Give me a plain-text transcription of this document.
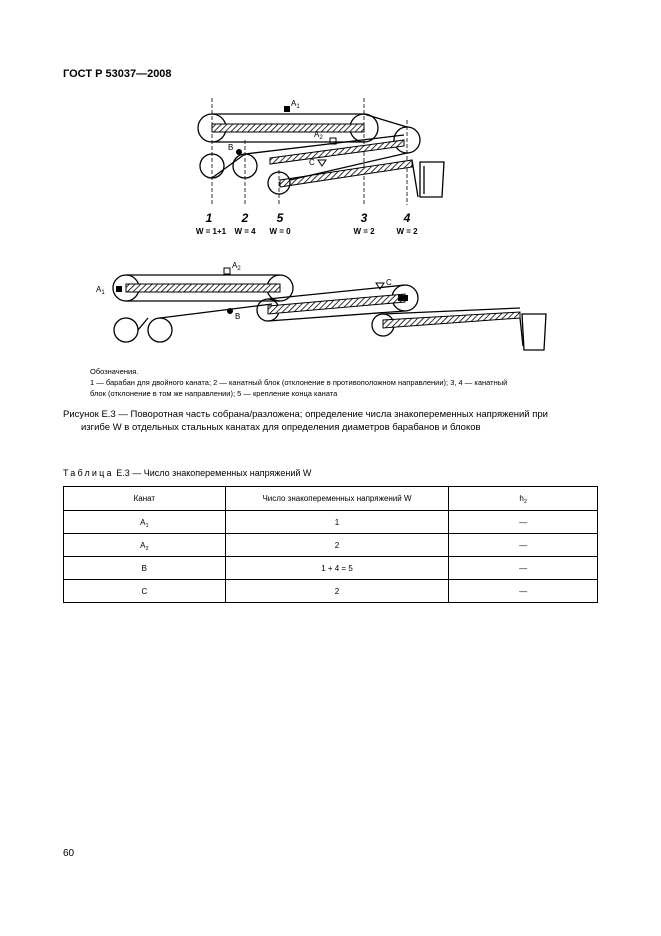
ГОСТ Р 53037—2008
$A_1$
$A_2$
B
C
1 2 5	3	4
W = 1+1 W = 4 W = 0	W = 2	W = 2
$A_1$
$A_2$
B
C
Обозначения.
1 — барабан для двойного каната; 2 — канатный блок (отклонение в противоположном направлении); 3, 4 — канатный
блок (отклонение в том же направлении); 5 — крепление конца каната
Рисунок Е.3 — Поворотная часть собрана/разложена; определение числа знакопеременных напряжений при
изгибе W в отдельных стальных канатах для определения диаметров барабанов и блоков
Таблица Е.3 — Число знакопеременных напряжений W
Канат	Число знакопеременных напряжений W	$h_2$
$A_1$	1	—
$A_2$	2	—
B	1 + 4 = 5	—
C	2	—
60
